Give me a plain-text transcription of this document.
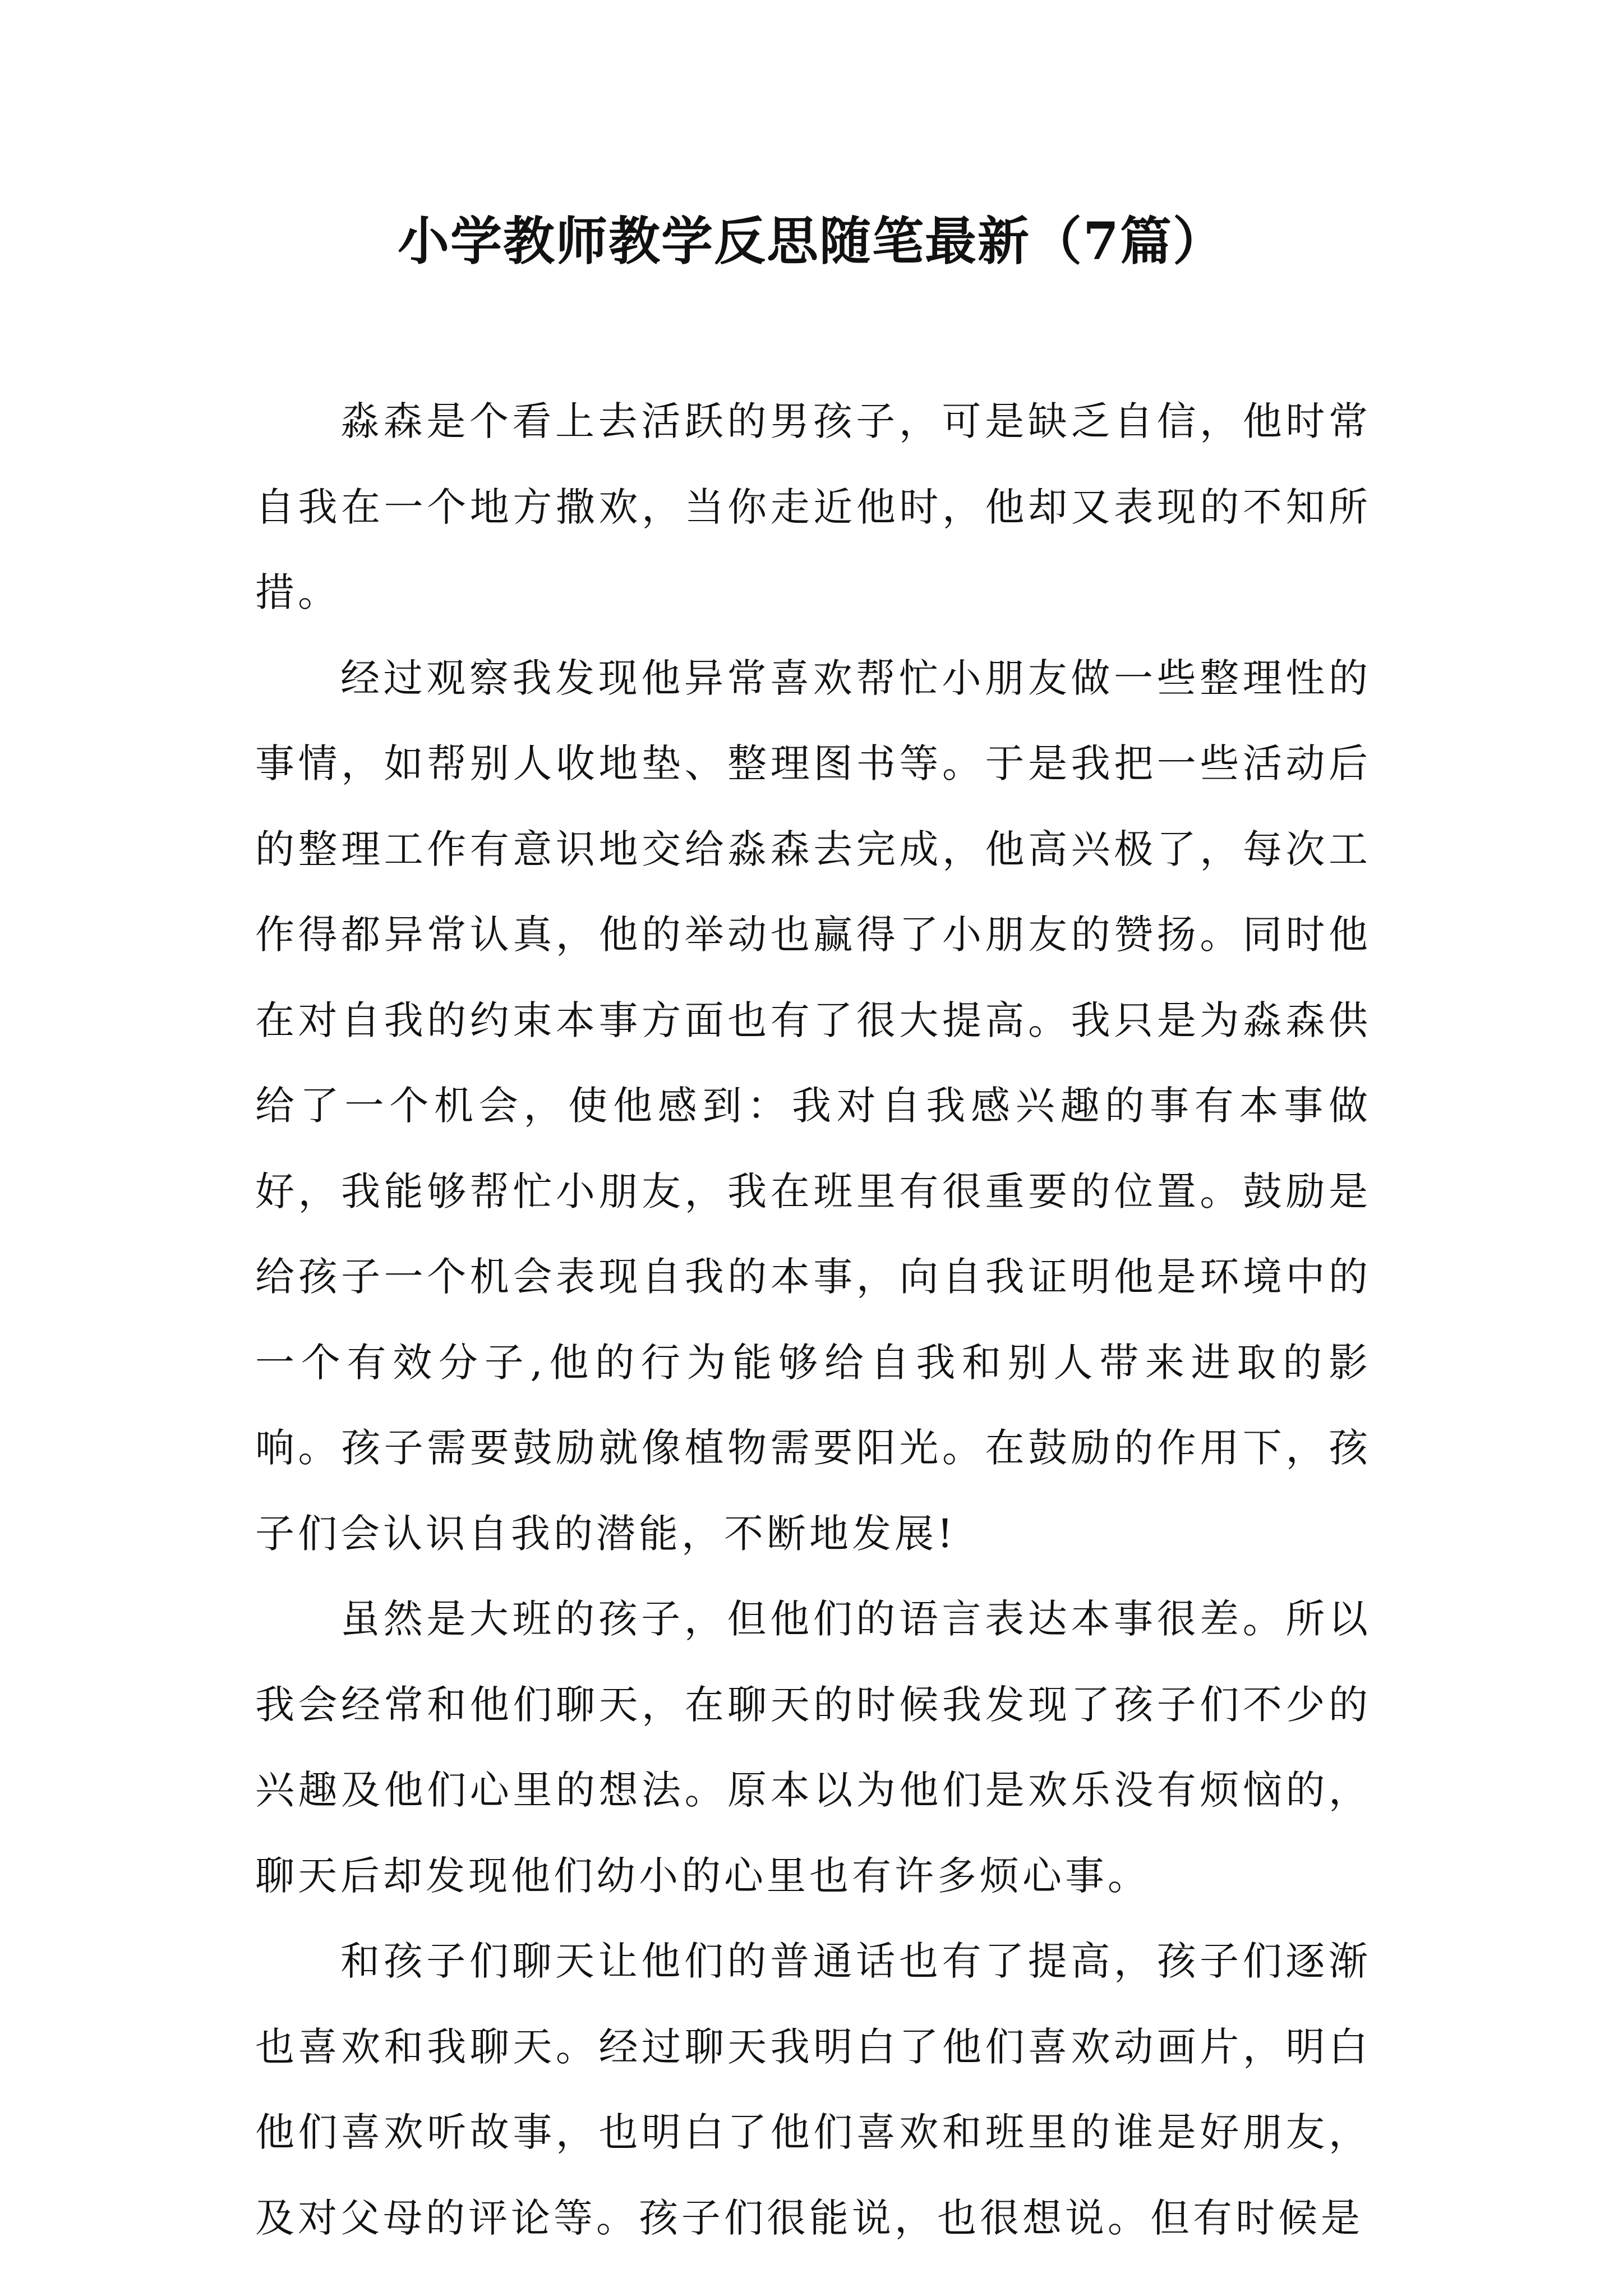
小学教师教学反思随笔最新（7篇）

淼森是个看上去活跃的男孩子，可是缺乏自信，他时常自我在一个地方撒欢，当你走近他时，他却又表现的不知所措。

经过观察我发现他异常喜欢帮忙小朋友做一些整理性的事情，如帮别人收地垫、整理图书等。于是我把一些活动后的整理工作有意识地交给淼森去完成，他高兴极了，每次工作得都异常认真，他的举动也赢得了小朋友的赞扬。同时他在对自我的约束本事方面也有了很大提高。我只是为淼森供给了一个机会，使他感到：我对自我感兴趣的事有本事做好，我能够帮忙小朋友，我在班里有很重要的位置。鼓励是给孩子一个机会表现自我的本事，向自我证明他是环境中的一个有效分子,他的行为能够给自我和别人带来进取的影响。孩子需要鼓励就像植物需要阳光。在鼓励的作用下，孩子们会认识自我的潜能，不断地发展!

虽然是大班的孩子，但他们的语言表达本事很差。所以我会经常和他们聊天，在聊天的时候我发现了孩子们不少的兴趣及他们心里的想法。原本以为他们是欢乐没有烦恼的，聊天后却发现他们幼小的心里也有许多烦心事。

和孩子们聊天让他们的普通话也有了提高，孩子们逐渐也喜欢和我聊天。经过聊天我明白了他们喜欢动画片，明白他们喜欢听故事，也明白了他们喜欢和班里的谁是好朋友，及对父母的评论等。孩子们很能说，也很想说。但有时候是
